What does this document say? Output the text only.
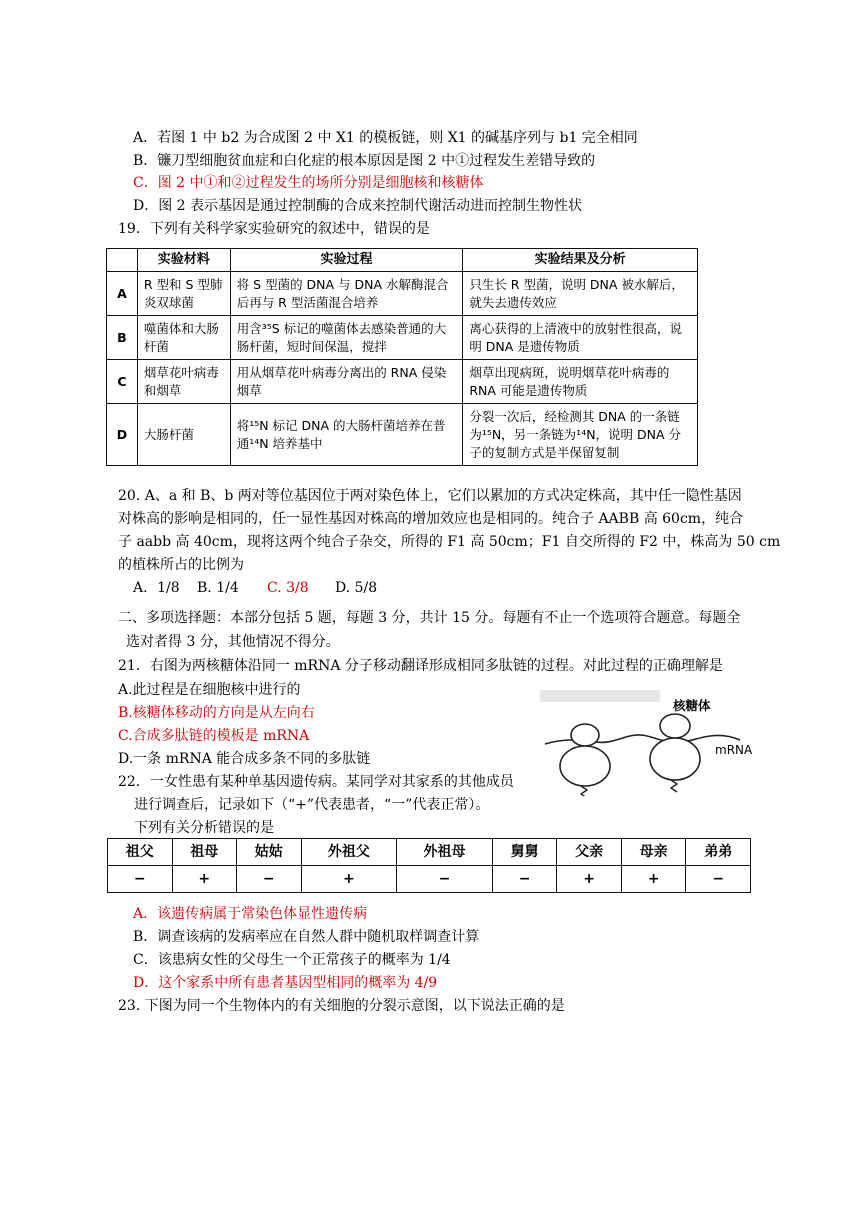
A．若图 1 中 b2 为合成图 2 中 X1 的模板链，则 X1 的碱基序列与 b1 完全相同
B．镰刀型细胞贫血症和白化症的根本原因是图 2 中①过程发生差错导致的
C．图 2 中①和②过程发生的场所分别是细胞核和核糖体
D．图 2 表示基因是通过控制酶的合成来控制代谢活动进而控制生物性状
19．下列有关科学家实验研究的叙述中，错误的是
	实验材料	实验过程	实验结果及分析
A	R 型和 S 型肺炎双球菌	将 S 型菌的 DNA 与 DNA 水解酶混合后再与 R 型活菌混合培养	只生长 R 型菌，说明 DNA 被水解后，就失去遗传效应
B	噬菌体和大肠杆菌	用含³⁵S 标记的噬菌体去感染普通的大肠杆菌，短时间保温，搅拌	离心获得的上清液中的放射性很高，说明 DNA 是遗传物质
C	烟草花叶病毒和烟草	用从烟草花叶病毒分离出的 RNA 侵染烟草	烟草出现病斑，说明烟草花叶病毒的 RNA 可能是遗传物质
D	大肠杆菌	将¹⁵N 标记 DNA 的大肠杆菌培养在普通¹⁴N 培养基中	分裂一次后，经检测其 DNA 的一条链为¹⁵N，另一条链为¹⁴N，说明 DNA 分子的复制方式是半保留复制
20. A、a 和 B、b 两对等位基因位于两对染色体上，它们以累加的方式决定株高，其中任一隐性基因
对株高的影响是相同的，任一显性基因对株高的增加效应也是相同的。纯合子 AABB 高 60cm，纯合
子 aabb 高 40cm，现将这两个纯合子杂交，所得的 F1 高 50cm；F1 自交所得的 F2 中，株高为 50 cm
的植株所占的比例为
A．1/8 B. 1/4 C. 3/8 D. 5/8
二、多项选择题：本部分包括 5 题，每题 3 分，共计 15 分。每题有不止一个选项符合题意。每题全
选对者得 3 分，其他情况不得分。
21．右图为两核糖体沿同一 mRNA 分子移动翻译形成相同多肽链的过程。对此过程的正确理解是
A.此过程是在细胞核中进行的
B.核糖体移动的方向是从左向右
C.合成多肽链的模板是 mRNA
D.一条 mRNA 能合成多条不同的多肽链
核糖体
mRNA
22．一女性患有某种单基因遗传病。某同学对其家系的其他成员
进行调查后，记录如下（“+”代表患者，“一”代表正常）。
下列有关分析错误的是
祖父	祖母	姑姑	外祖父	外祖母	舅舅	父亲	母亲	弟弟
−	+	−	+	−	−	+	+	−
A．该遗传病属于常染色体显性遗传病
B．调查该病的发病率应在自然人群中随机取样调查计算
C．该患病女性的父母生一个正常孩子的概率为 1/4
D．这个家系中所有患者基因型相同的概率为 4/9
23. 下图为同一个生物体内的有关细胞的分裂示意图，以下说法正确的是
